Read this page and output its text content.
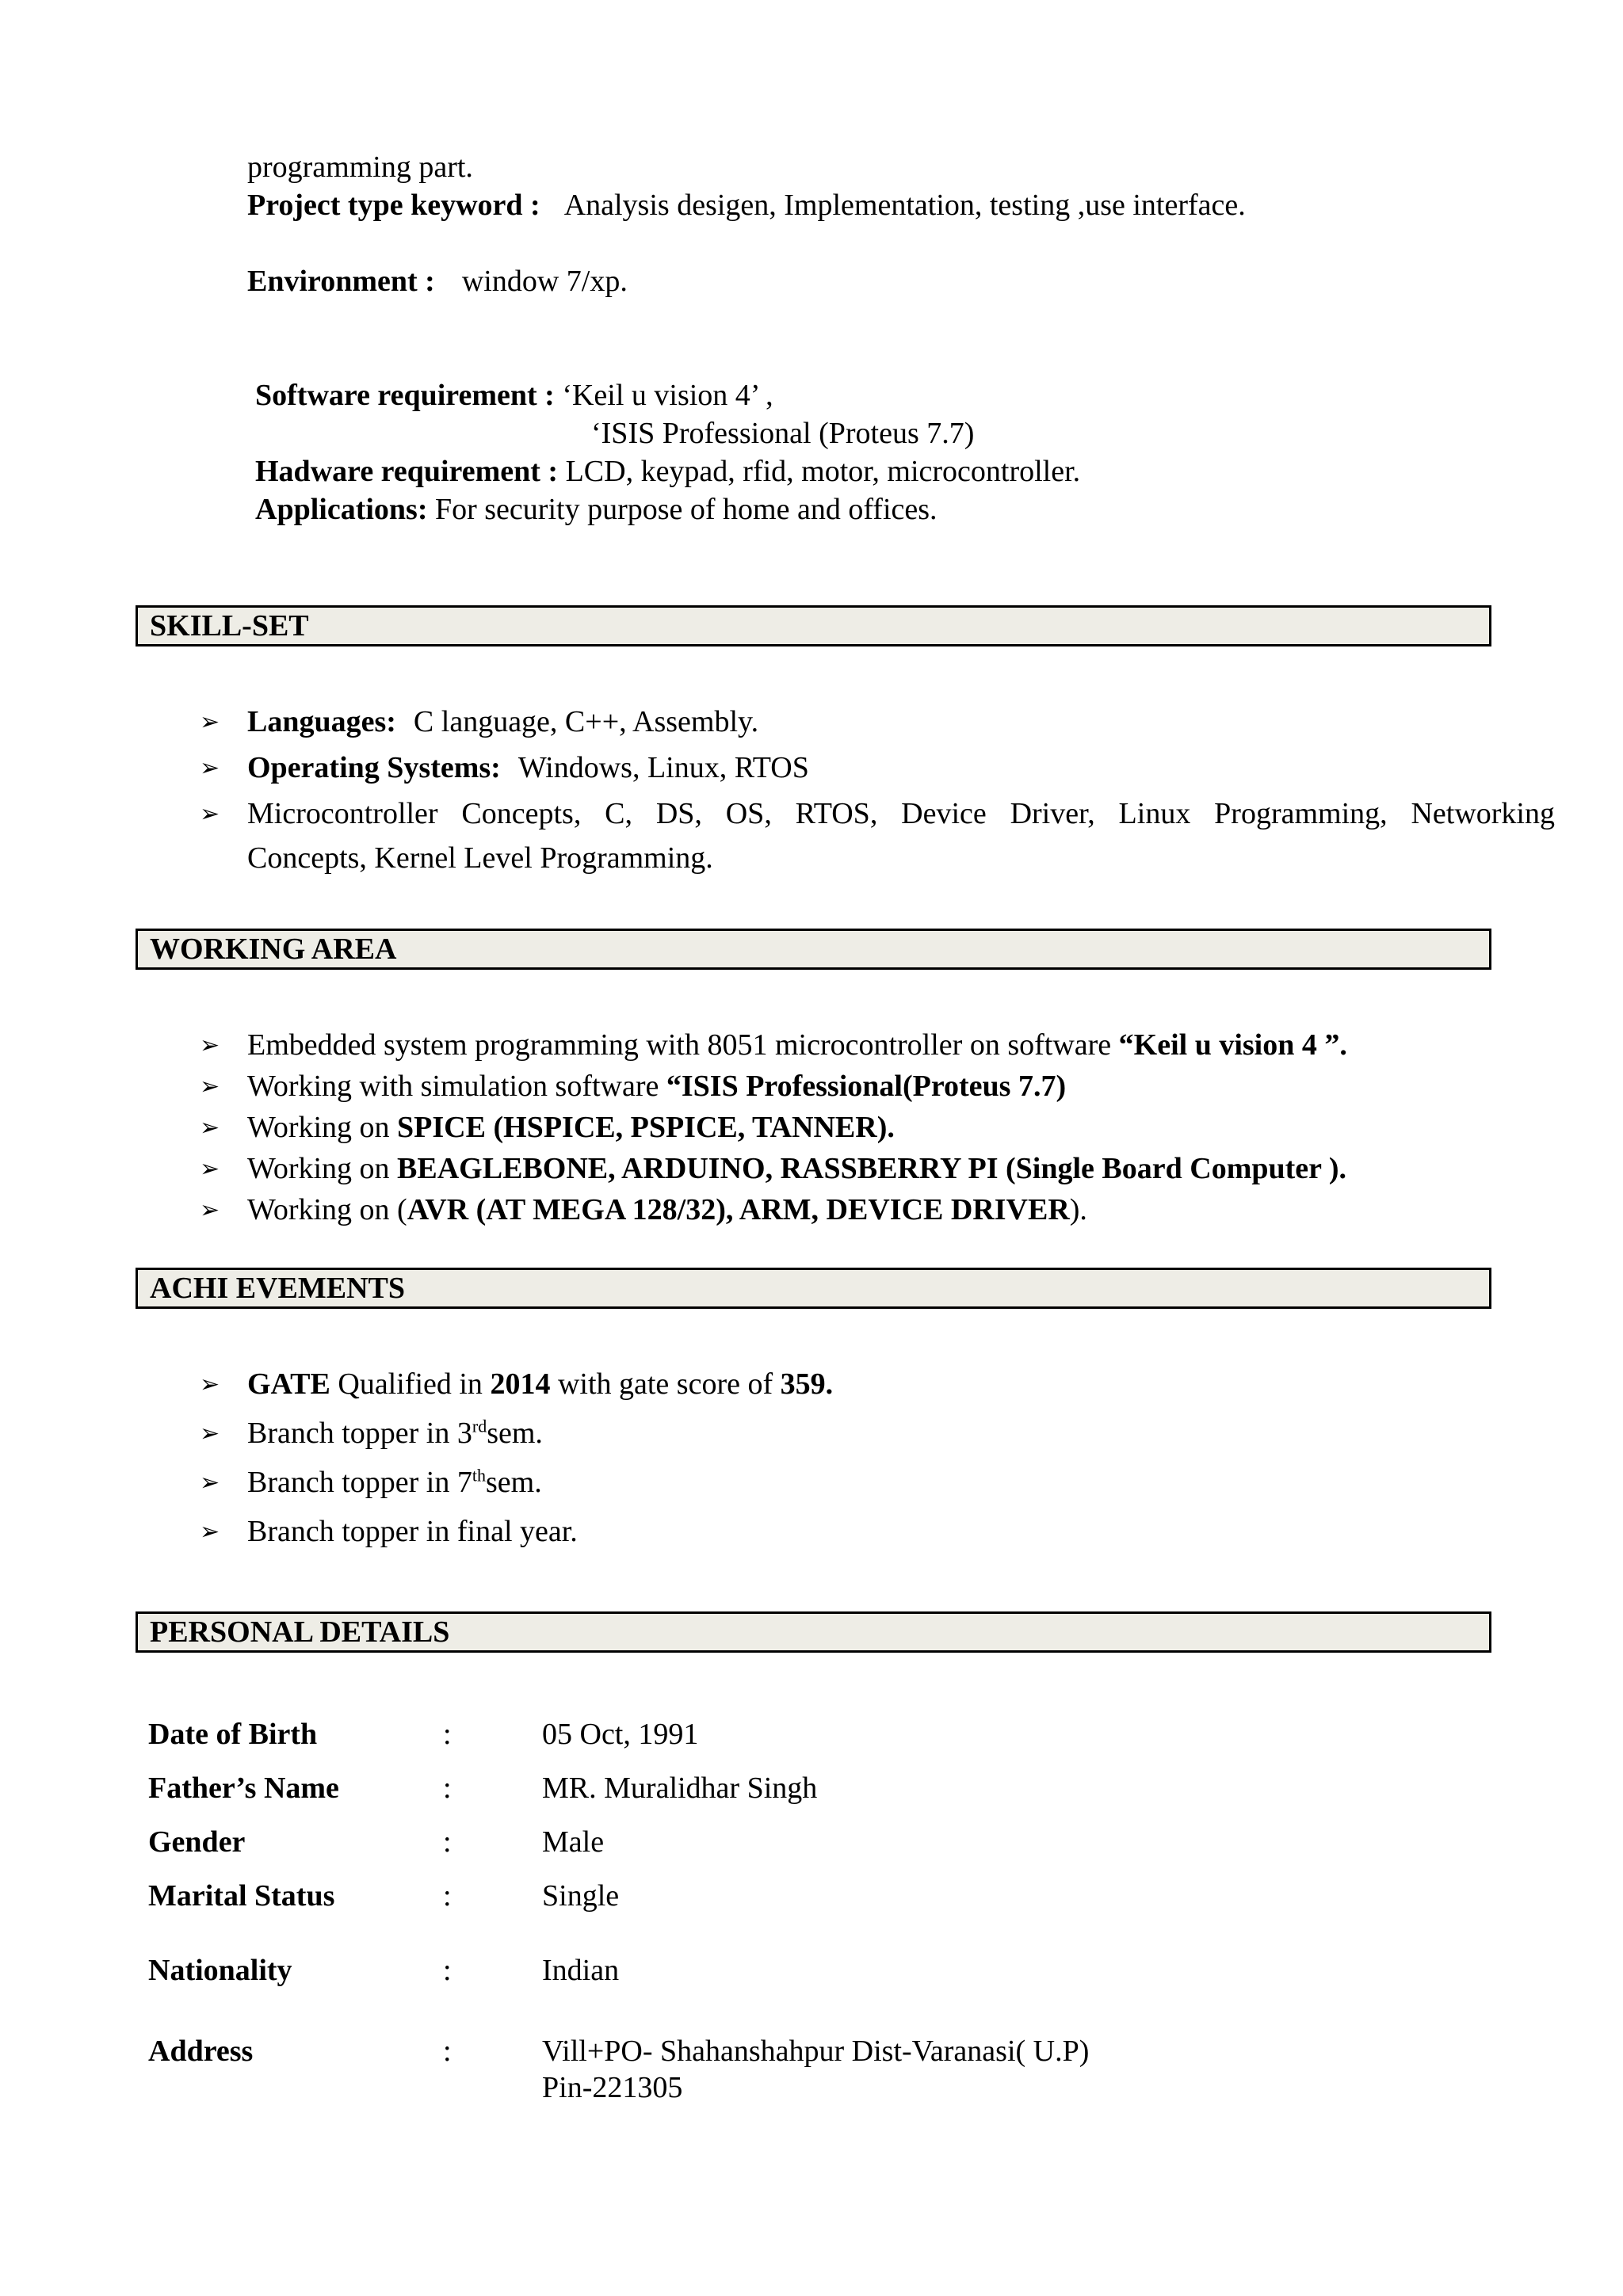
programming part.
Project type keyword : Analysis desigen, Implementation, testing ,use interface.
Environment : window 7/xp.
Software requirement : ‘Keil u vision 4’ ,
‘ISIS Professional (Proteus 7.7)
Hadware requirement : LCD, keypad, rfid, motor, microcontroller.
Applications: For security purpose of home and offices.
SKILL-SET
➢ Languages: C language, C++, Assembly.
➢ Operating Systems: Windows, Linux, RTOS
➢ Microcontroller Concepts, C, DS, OS, RTOS, Device Driver, Linux Programming, Networking
Concepts, Kernel Level Programming.
WORKING AREA
➢ Embedded system programming with 8051 microcontroller on software “Keil u vision 4 ”.
➢ Working with simulation software “ISIS Professional(Proteus 7.7)
➢ Working on SPICE (HSPICE, PSPICE, TANNER).
➢ Working on BEAGLEBONE, ARDUINO, RASSBERRY PI (Single Board Computer ).
➢ Working on (AVR (AT MEGA 128/32), ARM, DEVICE DRIVER).
ACHI EVEMENTS
➢ GATE Qualified in 2014 with gate score of 359.
➢ Branch topper in 3rdsem.
➢ Branch topper in 7thsem.
➢ Branch topper in final year.
PERSONAL DETAILS
Date of Birth	:	05 Oct, 1991
Father’s Name	:	MR. Muralidhar Singh
Gender	:	Male
Marital Status	:	Single
Nationality	:	Indian
Address	:	Vill+PO- Shahanshahpur Dist-Varanasi( U.P)
Pin-221305
